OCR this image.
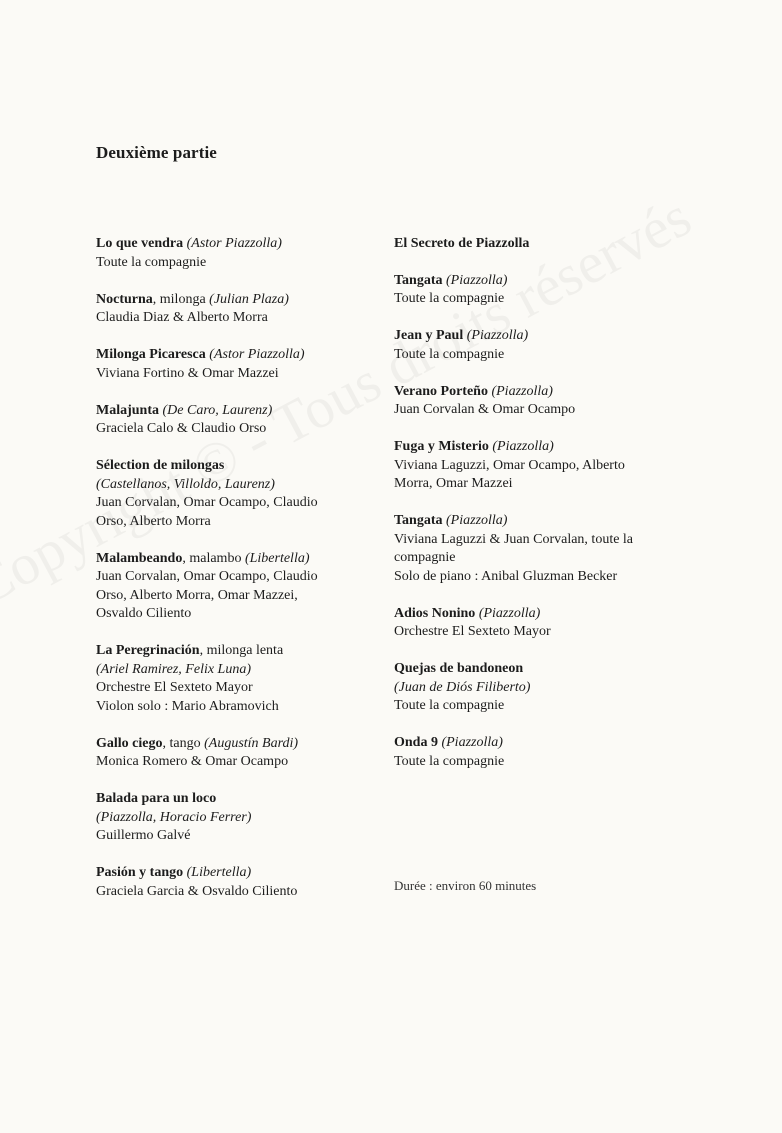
Deuxième partie
Lo que vendra (Astor Piazzolla)
Toute la compagnie
Nocturna, milonga (Julian Plaza)
Claudia Diaz & Alberto Morra
Milonga Picaresca (Astor Piazzolla)
Viviana Fortino & Omar Mazzei
Malajunta (De Caro, Laurenz)
Graciela Calo & Claudio Orso
Sélection de milongas
(Castellanos, Villoldo, Laurenz)
Juan Corvalan, Omar Ocampo, Claudio
Orso, Alberto Morra
Malambeando, malambo (Libertella)
Juan Corvalan, Omar Ocampo, Claudio
Orso, Alberto Morra, Omar Mazzei,
Osvaldo Ciliento
La Peregrinación, milonga lenta
(Ariel Ramirez, Felix Luna)
Orchestre El Sexteto Mayor
Violon solo : Mario Abramovich
Gallo ciego, tango (Augustín Bardi)
Monica Romero & Omar Ocampo
Balada para un loco
(Piazzolla, Horacio Ferrer)
Guillermo Galvé
Pasión y tango (Libertella)
Graciela Garcia & Osvaldo Ciliento
El Secreto de Piazzolla
Tangata (Piazzolla)
Toute la compagnie
Jean y Paul (Piazzolla)
Toute la compagnie
Verano Porteño (Piazzolla)
Juan Corvalan & Omar Ocampo
Fuga y Misterio (Piazzolla)
Viviana Laguzzi, Omar Ocampo, Alberto
Morra, Omar Mazzei
Tangata (Piazzolla)
Viviana Laguzzi & Juan Corvalan, toute la
compagnie
Solo de piano : Anibal Gluzman Becker
Adios Nonino (Piazzolla)
Orchestre El Sexteto Mayor
Quejas de bandoneon
(Juan de Diós Filiberto)
Toute la compagnie
Onda 9 (Piazzolla)
Toute la compagnie
Durée : environ 60 minutes
